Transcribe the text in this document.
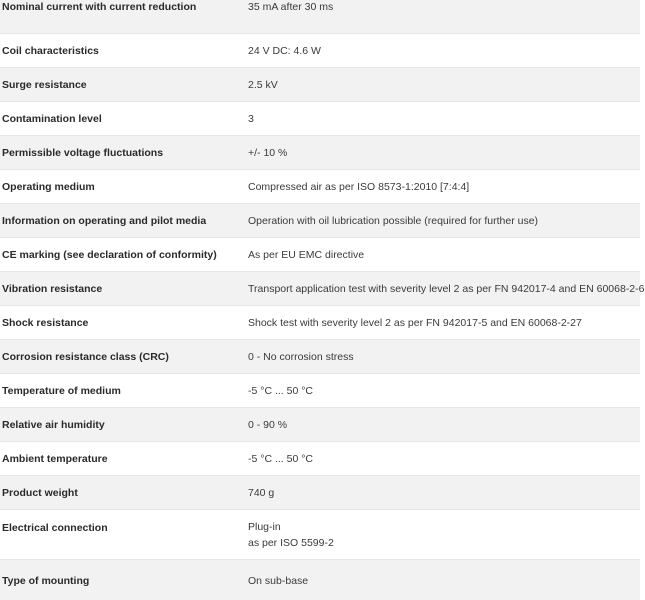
Nominal current with current reduction	35 mA after 30 ms
Coil characteristics	24 V DC: 4.6 W
Surge resistance	2.5 kV
Contamination level	3
Permissible voltage fluctuations	+/- 10 %
Operating medium	Compressed air as per ISO 8573-1:2010 [7:4:4]
Information on operating and pilot media	Operation with oil lubrication possible (required for further use)
CE marking (see declaration of conformity)	As per EU EMC directive
Vibration resistance	Transport application test with severity level 2 as per FN 942017-4 and EN 60068-2-6
Shock resistance	Shock test with severity level 2 as per FN 942017-5 and EN 60068-2-27
Corrosion resistance class (CRC)	0 - No corrosion stress
Temperature of medium	-5 °C ... 50 °C
Relative air humidity	0 - 90 %
Ambient temperature	-5 °C ... 50 °C
Product weight	740 g
Electrical connection	Plug-in
as per ISO 5599-2
Type of mounting	On sub-base
